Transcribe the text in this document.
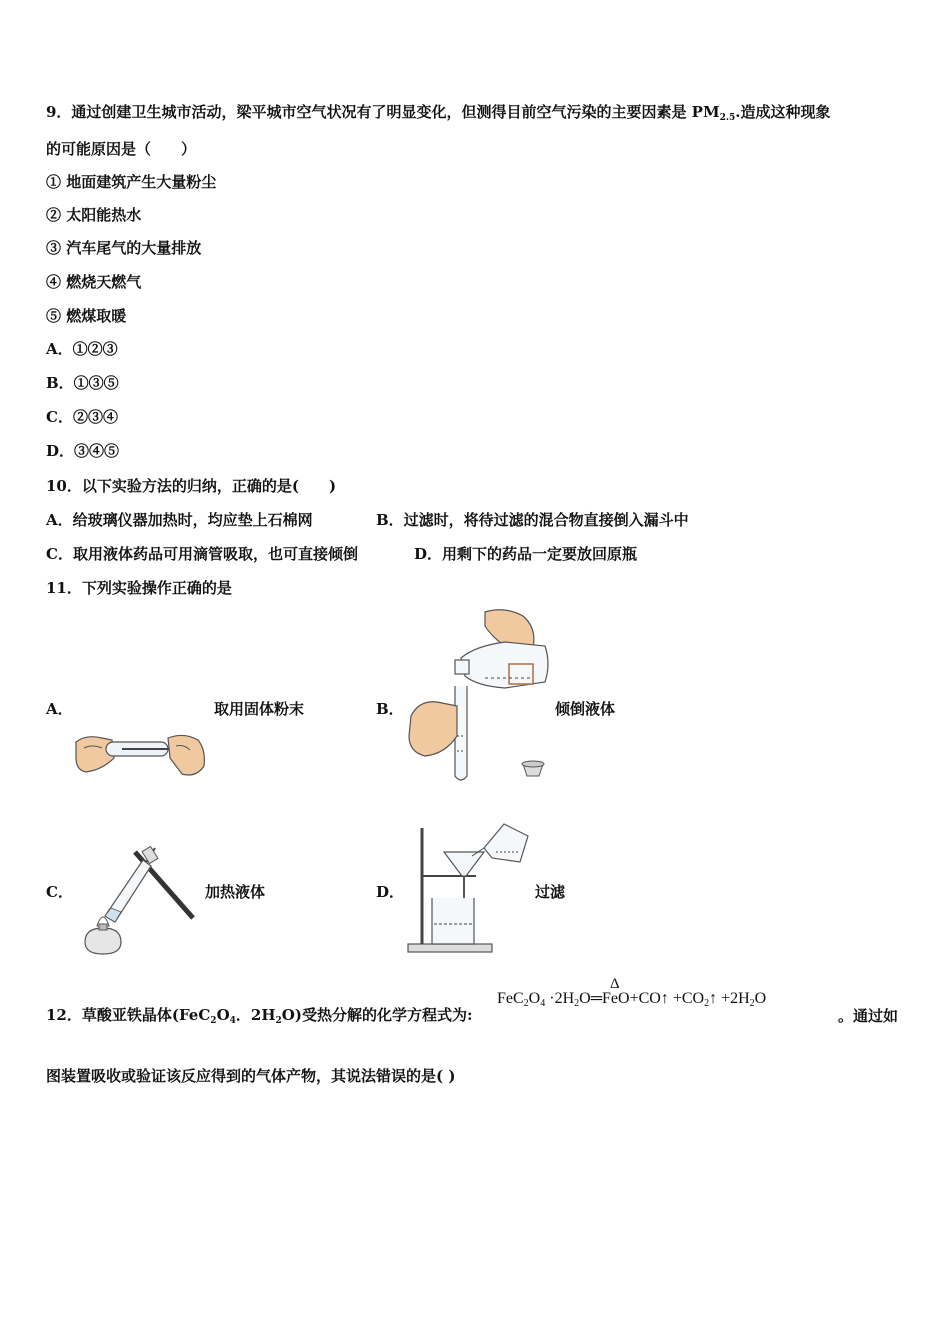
9．通过创建卫生城市活动，梁平城市空气状况有了明显变化，但测得目前空气污染的主要因素是 $PM_{2.5}$.造成这种现象
的可能原因是（　　）
① 地面建筑产生大量粉尘
② 太阳能热水
③ 汽车尾气的大量排放
④ 燃烧天燃气
⑤ 燃煤取暖
A．①②③
B．①③⑤
C．②③④
D．③④⑤
10．以下实验方法的归纳，正确的是(　　)
A．给玻璃仪器加热时，均应垫上石棉网	B．过滤时，将待过滤的混合物直接倒入漏斗中
C．取用液体药品可用滴管吸取，也可直接倾倒	D．用剩下的药品一定要放回原瓶
11．下列实验操作正确的是
A．	取用固体粉末	B．	倾倒液体
C．	加热液体	D．	过滤
12．草酸亚铁晶体($FeC_2O_4$．$2H_2O$)受热分解的化学方程式为:
$FeC_2O_4$ $\cdot 2H_2O═FeO+CO↑$ $+CO_2↑ +2H_2O$
Δ
。通过如
图装置吸收或验证该反应得到的气体产物，其说法错误的是( )
